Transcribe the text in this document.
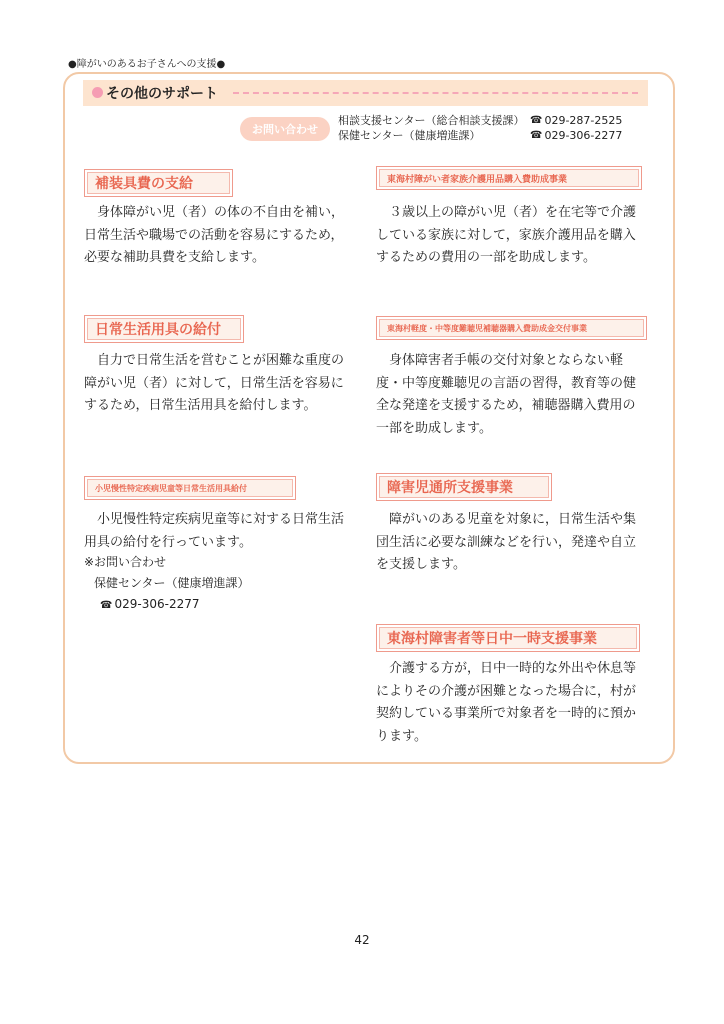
●障がいのあるお子さんへの支援●
その他のサポート
お問い合わせ
相談支援センター（総合相談支援課） ☎ 029-287-2525
保健センター（健康増進課）	☎ 029-306-2277
補装具費の支給

身体障がい児（者）の体の不自由を補い，日常生活や職場での活動を容易にするため，必要な補助具費を支給します。

東海村障がい者家族介護用品購入費助成事業

３歳以上の障がい児（者）を在宅等で介護している家族に対して，家族介護用品を購入するための費用の一部を助成します。

日常生活用具の給付

自力で日常生活を営むことが困難な重度の障がい児（者）に対して，日常生活を容易にするため，日常生活用具を給付します。

東海村軽度・中等度難聴児補聴器購入費助成金交付事業

身体障害者手帳の交付対象とならない軽度・中等度難聴児の言語の習得，教育等の健全な発達を支援するため，補聴器購入費用の一部を助成します。

小児慢性特定疾病児童等日常生活用具給付

小児慢性特定疾病児童等に対する日常生活用具の給付を行っています。

※お問い合わせ
保健センター（健康増進課）
☎ 029-306-2277
障害児通所支援事業

障がいのある児童を対象に，日常生活や集団生活に必要な訓練などを行い，発達や自立を支援します。

東海村障害者等日中一時支援事業

介護する方が，日中一時的な外出や休息等によりその介護が困難となった場合に，村が契約している事業所で対象者を一時的に預かります。

42
